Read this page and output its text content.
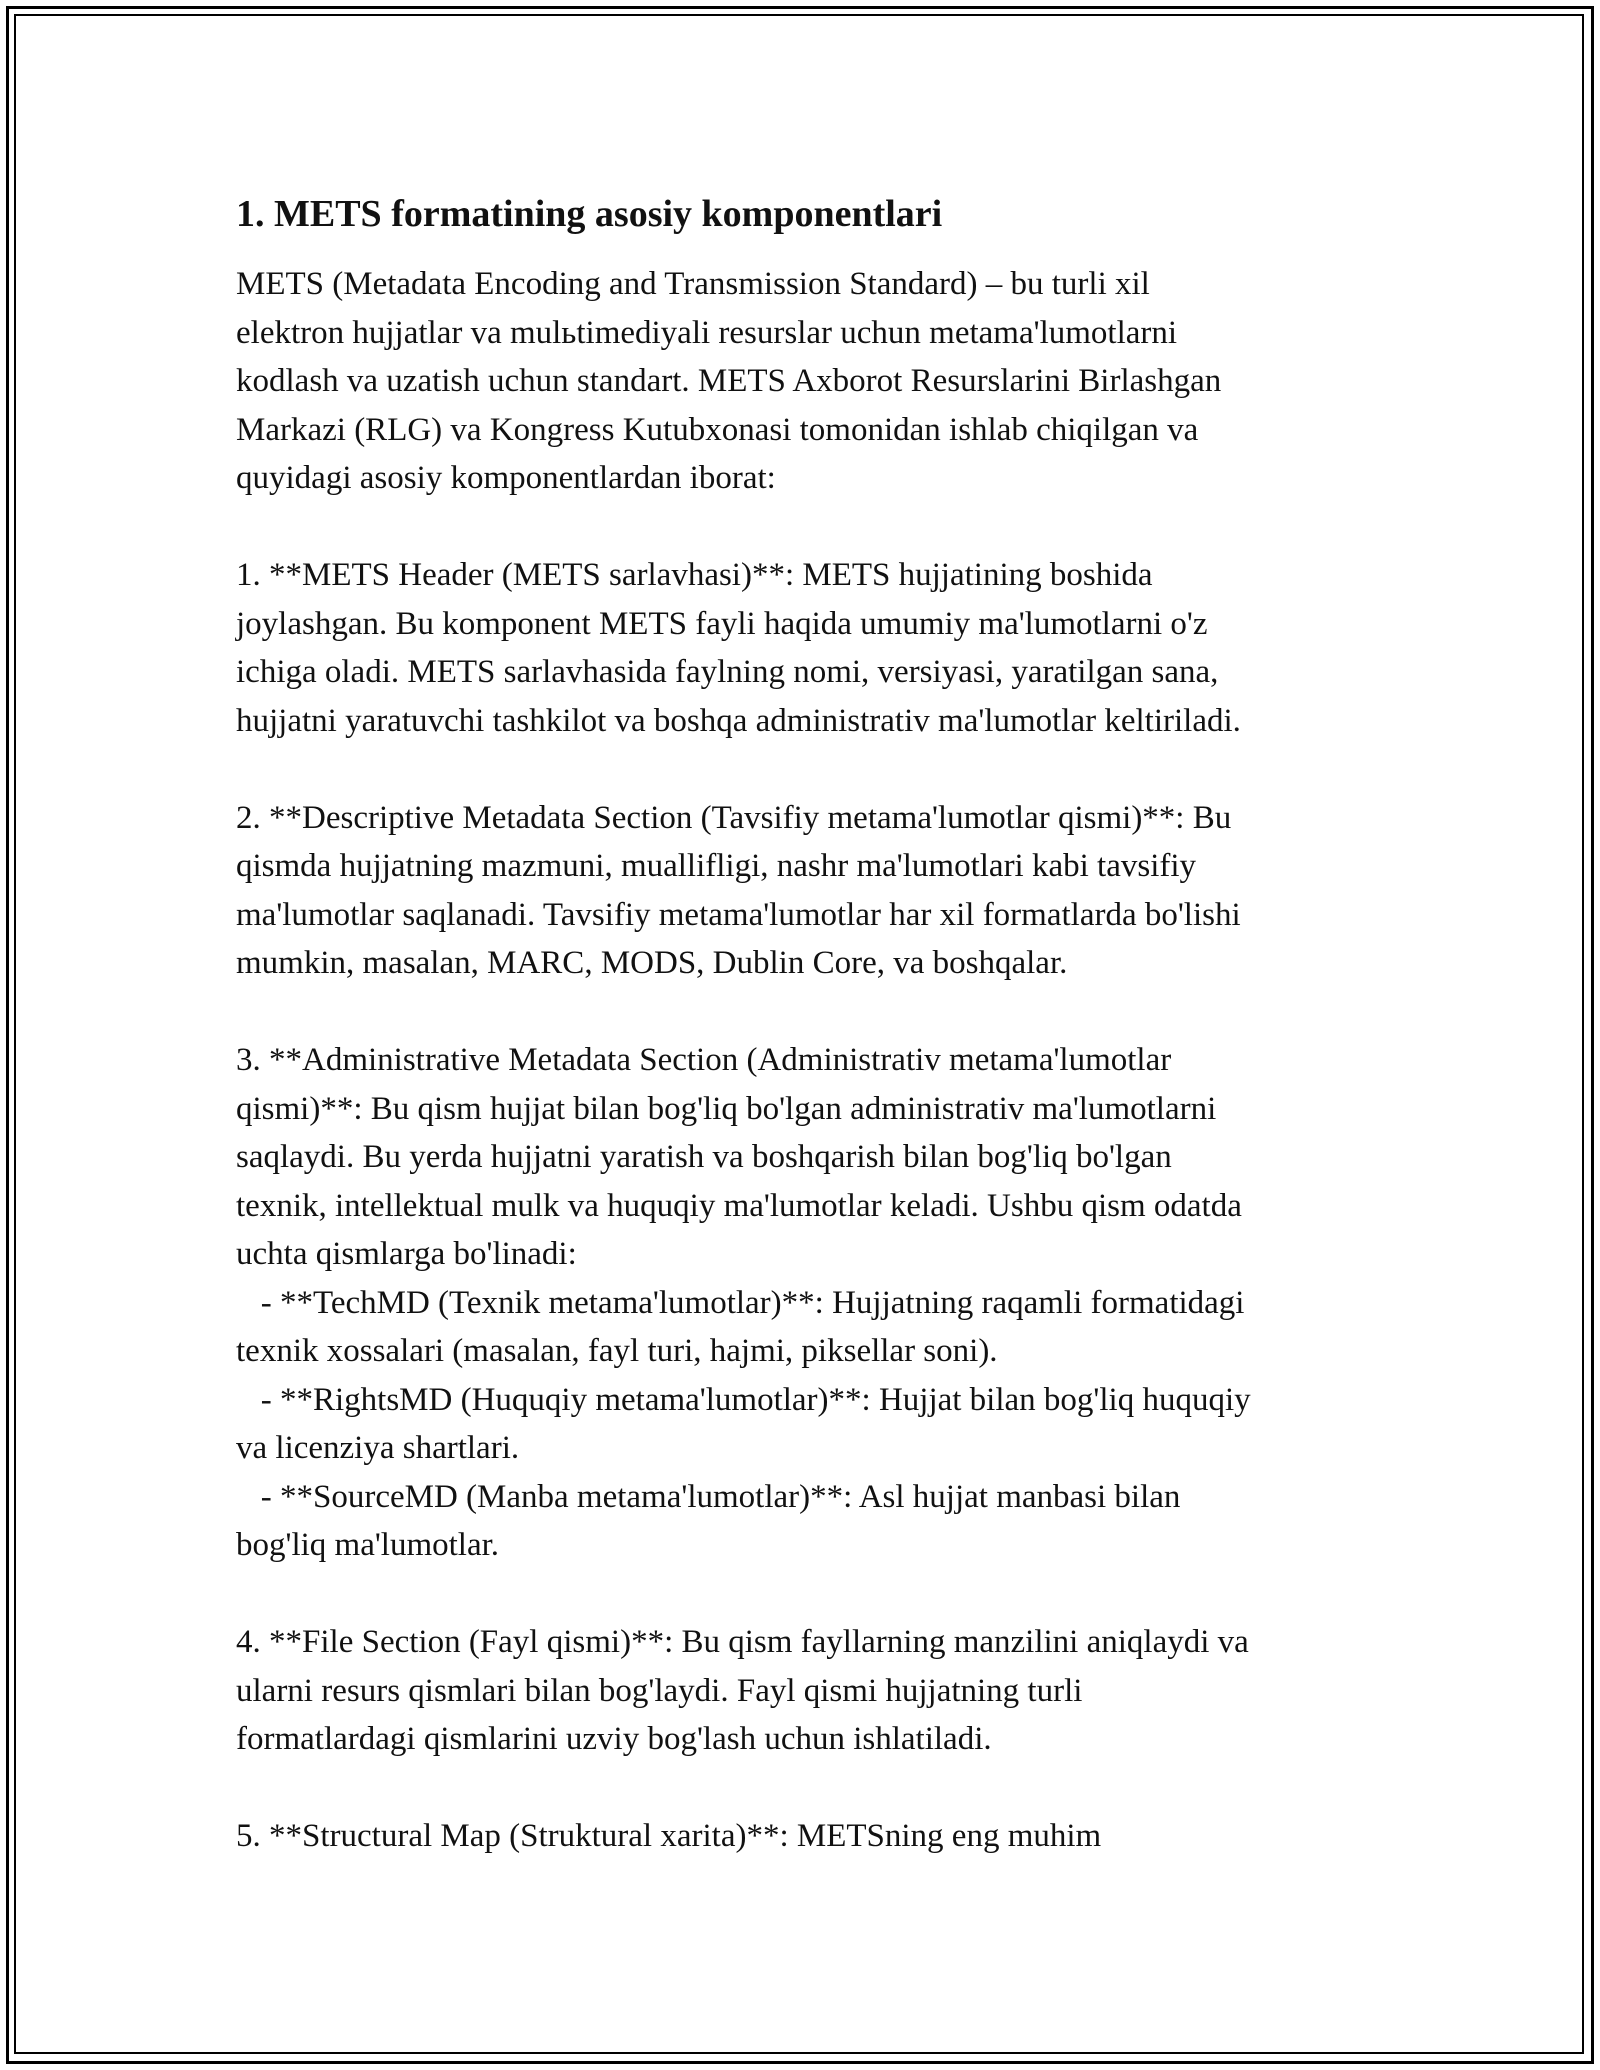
1. METS formatining asosiy komponentlari

METS (Metadata Encoding and Transmission Standard) – bu turli xil
elektron hujjatlar va mulьtimediyali resurslar uchun metama'lumotlarni
kodlash va uzatish uchun standart. METS Axborot Resurslarini Birlashgan
Markazi (RLG) va Kongress Kutubxonasi tomonidan ishlab chiqilgan va
quyidagi asosiy komponentlardan iborat:

1. **METS Header (METS sarlavhasi)**: METS hujjatining boshida
joylashgan. Bu komponent METS fayli haqida umumiy ma'lumotlarni o'z
ichiga oladi. METS sarlavhasida faylning nomi, versiyasi, yaratilgan sana,
hujjatni yaratuvchi tashkilot va boshqa administrativ ma'lumotlar keltiriladi.

2. **Descriptive Metadata Section (Tavsifiy metama'lumotlar qismi)**: Bu
qismda hujjatning mazmuni, muallifligi, nashr ma'lumotlari kabi tavsifiy
ma'lumotlar saqlanadi. Tavsifiy metama'lumotlar har xil formatlarda bo'lishi
mumkin, masalan, MARC, MODS, Dublin Core, va boshqalar.

3. **Administrative Metadata Section (Administrativ metama'lumotlar
qismi)**: Bu qism hujjat bilan bog'liq bo'lgan administrativ ma'lumotlarni
saqlaydi. Bu yerda hujjatni yaratish va boshqarish bilan bog'liq bo'lgan
texnik, intellektual mulk va huquqiy ma'lumotlar keladi. Ushbu qism odatda
uchta qismlarga bo'linadi:
- **TechMD (Texnik metama'lumotlar)**: Hujjatning raqamli formatidagi
texnik xossalari (masalan, fayl turi, hajmi, piksellar soni).
- **RightsMD (Huquqiy metama'lumotlar)**: Hujjat bilan bog'liq huquqiy
va licenziya shartlari.
- **SourceMD (Manba metama'lumotlar)**: Asl hujjat manbasi bilan
bog'liq ma'lumotlar.

4. **File Section (Fayl qismi)**: Bu qism fayllarning manzilini aniqlaydi va
ularni resurs qismlari bilan bog'laydi. Fayl qismi hujjatning turli
formatlardagi qismlarini uzviy bog'lash uchun ishlatiladi.

5. **Structural Map (Struktural xarita)**: METSning eng muhim
